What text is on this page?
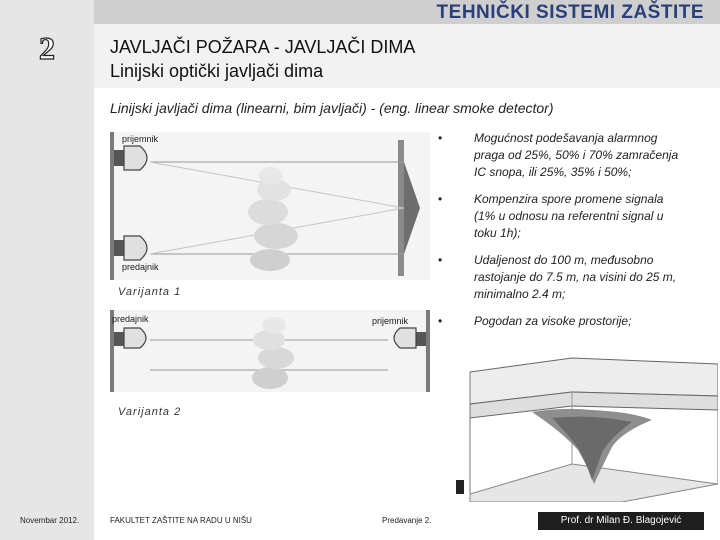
2
TEHNIČKI SISTEMI ZAŠTITE
JAVLJAČI POŽARA - JAVLJAČI DIMA
Linijski optički javljači dima
Linijski javljači dima (linearni, bim javljači) - (eng. linear smoke detector)
prijemnik
predajnik
Varijanta 1
predajnik	prijemnik
Varijanta 2
•	Mogućnost podešavanja alarmnog praga od 25%, 50% i 70% zamračenja IC snopa, ili 25%, 35% i 50%;
•	Kompenzira spore promene signala (1% u odnosu na referentni signal u toku 1h);
•	Udaljenost do 100 m, međusobno rastojanje do 7.5 m, na visini do 25 m, minimalno 2.4 m;
•	Pogodan za visoke prostorije;
Novembar 2012.	FAKULTET ZAŠTITE NA RADU U NIŠU	Predavanje 2.	Prof. dr Milan Đ. Blagojević
